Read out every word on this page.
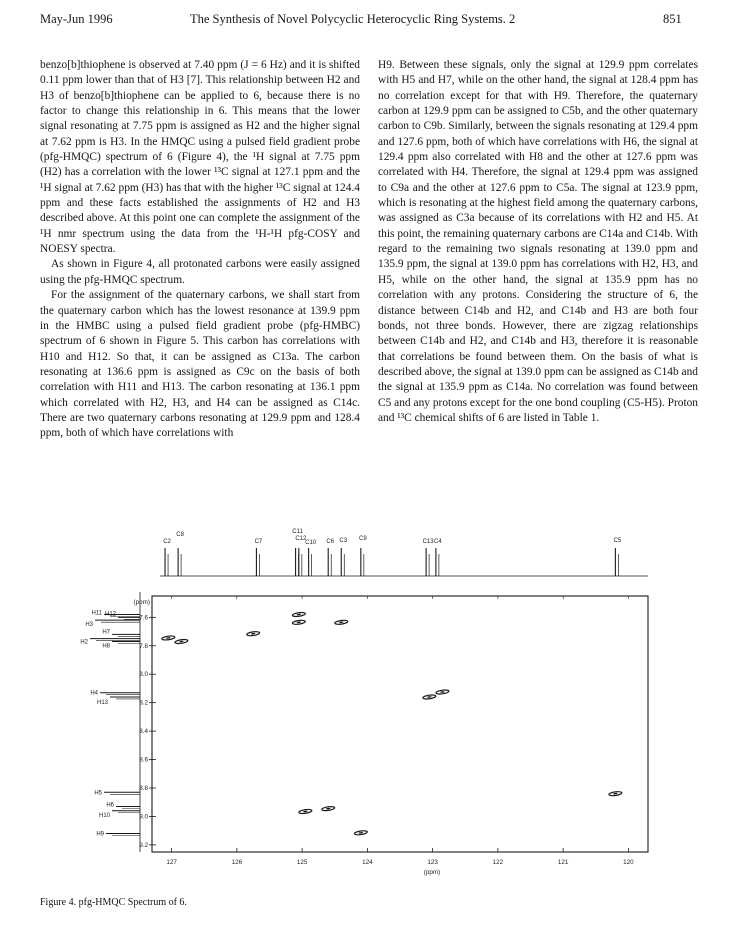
May-Jun 1996	The Synthesis of Novel Polycyclic Heterocyclic Ring Systems. 2	851

benzo[b]thiophene is observed at 7.40 ppm (J = 6 Hz) and it is shifted 0.11 ppm lower than that of H3 [7]. This relationship between H2 and H3 of benzo[b]thiophene can be applied to 6, because there is no factor to change this relationship in 6. This means that the lower signal resonating at 7.75 ppm is assigned as H2 and the higher signal at 7.62 ppm is H3. In the HMQC using a pulsed field gradient probe (pfg-HMQC) spectrum of 6 (Figure 4), the ¹H signal at 7.75 ppm (H2) has a correlation with the lower ¹³C signal at 127.1 ppm and the ¹H signal at 7.62 ppm (H3) has that with the higher ¹³C signal at 124.4 ppm and these facts established the assignments of H2 and H3 described above. At this point one can complete the assignment of the ¹H nmr spectrum using the data from the ¹H-¹H pfg-COSY and NOESY spectra.

As shown in Figure 4, all protonated carbons were easily assigned using the pfg-HMQC spectrum.

For the assignment of the quaternary carbons, we shall start from the quaternary carbon which has the lowest resonance at 139.9 ppm in the HMBC using a pulsed field gradient probe (pfg-HMBC) spectrum of 6 shown in Figure 5. This carbon has correlations with H10 and H12. So that, it can be assigned as C13a. The carbon resonating at 136.6 ppm is assigned as C9c on the basis of both correlation with H11 and H13. The carbon resonating at 136.1 ppm which correlated with H2, H3, and H4 can be assigned as C14c. There are two quaternary carbons resonating at 129.9 ppm and 128.4 ppm, both of which have correlations with

H9. Between these signals, only the signal at 129.9 ppm correlates with H5 and H7, while on the other hand, the signal at 128.4 ppm has no correlation except for that with H9. Therefore, the quaternary carbon at 129.9 ppm can be assigned to C5b, and the other quaternary carbon to C9b. Similarly, between the signals resonating at 129.4 ppm and 127.6 ppm, both of which have correlations with H6, the signal at 129.4 ppm also correlated with H8 and the other at 127.6 ppm was correlated with H4. Therefore, the signal at 129.4 ppm was assigned to C9a and the other at 127.6 ppm to C5a. The signal at 123.9 ppm, which is resonating at the highest field among the quaternary carbons, was assigned as C3a because of its correlations with H2 and H5. At this point, the remaining quaternary carbons are C14a and C14b. With regard to the remaining two signals resonating at 139.0 ppm and 135.9 ppm, the signal at 139.0 ppm has correlations with H2, H3, and H5, while on the other hand, the signal at 135.9 ppm has no correlation with any protons. Considering the structure of 6, the distance between C14b and H2, and C14b and H3 are both four bonds, not three bonds. However, there are zigzag relationships between C14b and H2, and C14b and H3, therefore it is reasonable that correlations be found between them. On the basis of what is described above, the signal at 139.0 ppm can be assigned as C14b and the signal at 135.9 ppm as C14a. No correlation was found between C5 and any protons except for the one bond coupling (C5-H5). Proton and ¹³C chemical shifts of 6 are listed in Table 1.

C2
C8
C7
C11
C12
C10 C6 C3 C9	C13 C4	C5
H11 H12
H3
H7
H2
H8
H4
H13
H5
H6
H10
H9
127	126	125	124	123	122	121	120
(ppm)
7.6
7.8
8.0
8.2
8.4
8.6
8.8
9.0
9.2
(ppm)
Figure 4. pfg-HMQC Spectrum of 6.
